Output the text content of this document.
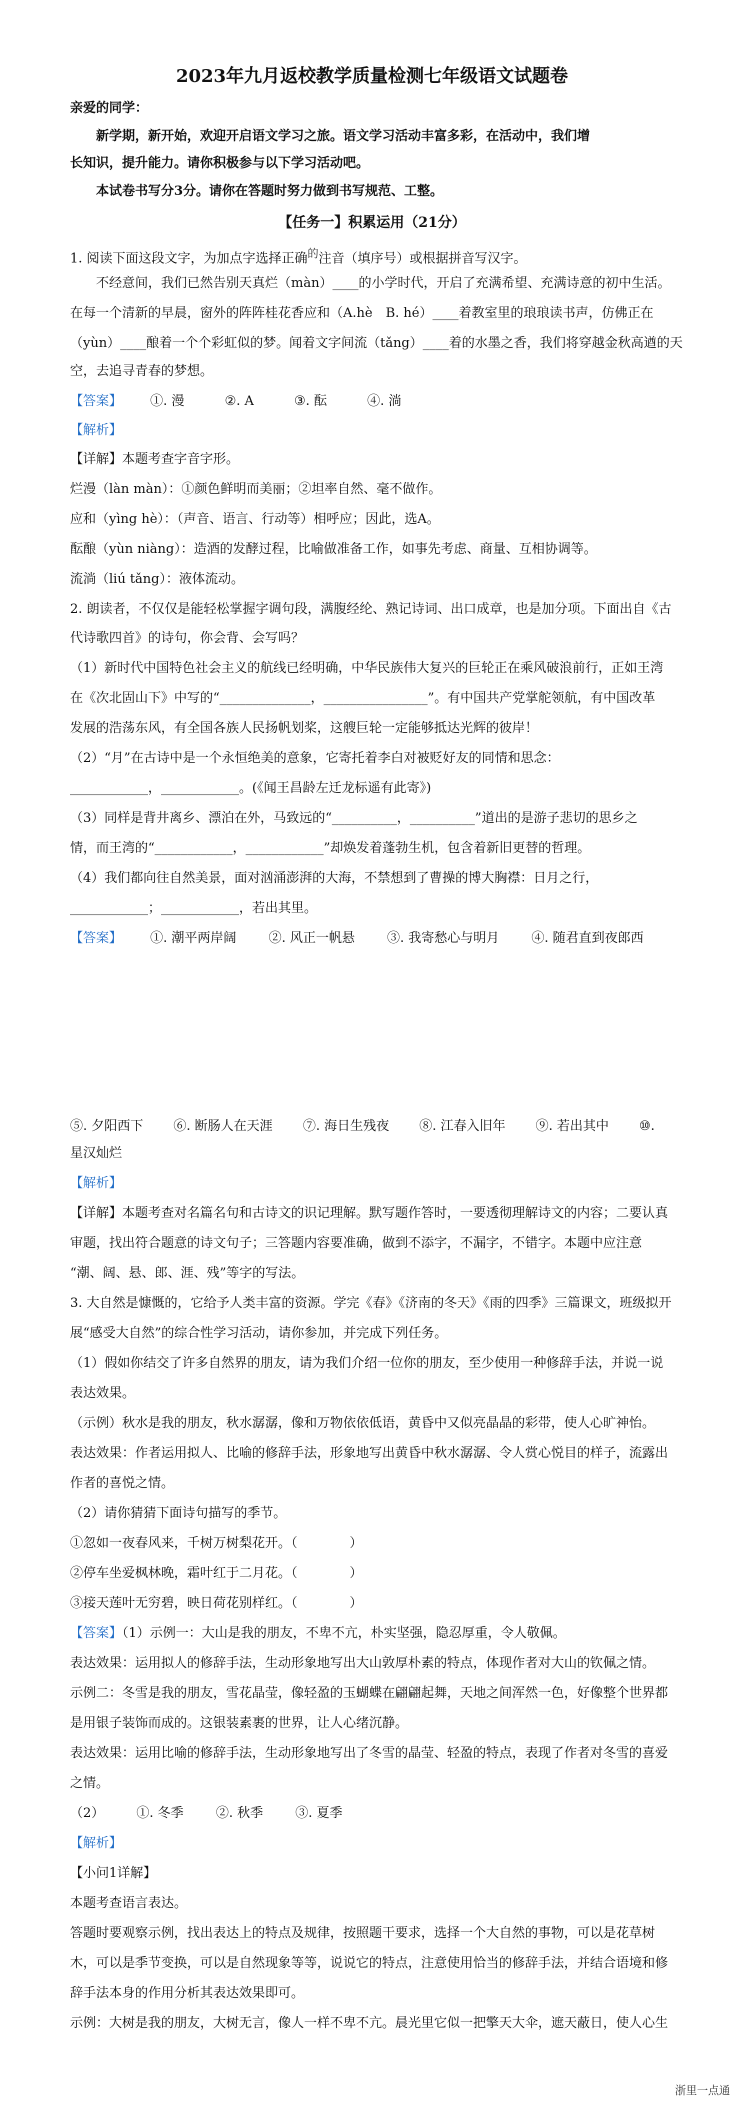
2023年九月返校教学质量检测七年级语文试题卷
亲爱的同学：
新学期，新开始，欢迎开启语文学习之旅。语文学习活动丰富多彩，在活动中，我们增
长知识，提升能力。请你积极参与以下学习活动吧。
本试卷书写分3分。请你在答题时努力做到书写规范、工整。
【任务一】积累运用（21分）
1. 阅读下面这段文字，为加点字选择正确$^的$注音（填序号）或根据拼音写汉字。
不经意间，我们已然告别天真烂（màn）____的小学时代，开启了充满希望、充满诗意的初中生活。
在每一个清新的早晨，窗外的阵阵桂花香应和（A.hè　B. hé）____着教室里的琅琅读书声，仿佛正在
（yùn）____酿着一个个彩虹似的梦。闻着文字间流（tǎng）____着的水墨之香，我们将穿越金秋高遒的天
空，去追寻青春的梦想。
【答案】 ①. 漫	②. A	③. 酝	④. 淌
【解析】
【详解】本题考查字音字形。
烂漫（làn màn）：①颜色鲜明而美丽；②坦率自然、毫不做作。
应和（yìng hè）：（声音、语言、行动等）相呼应；因此，选A。
酝酿（yùn niàng）：造酒的发酵过程，比喻做准备工作，如事先考虑、商量、互相协调等。
流淌（liú tǎng）：液体流动。
2. 朗读者，不仅仅是能轻松掌握字调句段，满腹经纶、熟记诗词、出口成章，也是加分项。下面出自《古
代诗歌四首》的诗句，你会背、会写吗？
（1）新时代中国特色社会主义的航线已经明确，中华民族伟大复兴的巨轮正在乘风破浪前行，正如王湾
在《次北固山下》中写的“______________，________________”。有中国共产党掌舵领航，有中国改革
发展的浩荡东风，有全国各族人民扬帆划桨，这艘巨轮一定能够抵达光辉的彼岸！
（2）“月”在古诗中是一个永恒绝美的意象，它寄托着李白对被贬好友的同情和思念：
____________，____________。(《闻王昌龄左迁龙标遥有此寄》)
（3）同样是背井离乡、漂泊在外，马致远的“__________，__________”道出的是游子悲切的思乡之
情，而王湾的“____________，____________”却焕发着蓬勃生机，包含着新旧更替的哲理。
（4）我们都向往自然美景，面对汹涌澎湃的大海，不禁想到了曹操的博大胸襟：日月之行，
____________；____________，若出其里。
【答案】 ①. 潮平两岸阔 ②. 风正一帆悬 ③. 我寄愁心与明月 ④. 随君直到夜郎西
⑤. 夕阳西下 ⑥. 断肠人在天涯 ⑦. 海日生残夜 ⑧. 江春入旧年 ⑨. 若出其中 ⑩.
星汉灿烂
【解析】
【详解】本题考查对名篇名句和古诗文的识记理解。默写题作答时，一要透彻理解诗文的内容；二要认真
审题，找出符合题意的诗文句子；三答题内容要准确，做到不添字，不漏字，不错字。本题中应注意
“潮、阔、悬、郎、涯、残”等字的写法。
3. 大自然是慷慨的，它给予人类丰富的资源。学完《春》《济南的冬天》《雨的四季》三篇课文，班级拟开
展“感受大自然”的综合性学习活动，请你参加，并完成下列任务。
（1）假如你结交了许多自然界的朋友，请为我们介绍一位你的朋友，至少使用一种修辞手法，并说一说
表达效果。
（示例）秋水是我的朋友，秋水潺潺，像和万物依依低语，黄昏中又似亮晶晶的彩带，使人心旷神怡。
表达效果：作者运用拟人、比喻的修辞手法，形象地写出黄昏中秋水潺潺、令人赏心悦目的样子，流露出
作者的喜悦之情。
（2）请你猜猜下面诗句描写的季节。
①忽如一夜春风来，千树万树梨花开。（　　　　）
②停车坐爱枫林晚，霜叶红于二月花。（　　　　）
③接天莲叶无穷碧，映日荷花别样红。（　　　　）
【答案】（1）示例一：大山是我的朋友，不卑不亢，朴实坚强，隐忍厚重，令人敬佩。
表达效果：运用拟人的修辞手法，生动形象地写出大山敦厚朴素的特点，体现作者对大山的钦佩之情。
示例二：冬雪是我的朋友，雪花晶莹，像轻盈的玉蝴蝶在翩翩起舞，天地之间浑然一色，好像整个世界都
是用银子装饰而成的。这银装素裹的世界，让人心绪沉静。
表达效果：运用比喻的修辞手法，生动形象地写出了冬雪的晶莹、轻盈的特点，表现了作者对冬雪的喜爱
之情。
（2） ①. 冬季 ②. 秋季 ③. 夏季
【解析】
【小问1详解】
本题考查语言表达。
答题时要观察示例，找出表达上的特点及规律，按照题干要求，选择一个大自然的事物，可以是花草树
木，可以是季节变换，可以是自然现象等等，说说它的特点，注意使用恰当的修辞手法，并结合语境和修
辞手法本身的作用分析其表达效果即可。
示例：大树是我的朋友，大树无言，像人一样不卑不亢。晨光里它似一把擎天大伞，遮天蔽日，使人心生
浙里一点通
